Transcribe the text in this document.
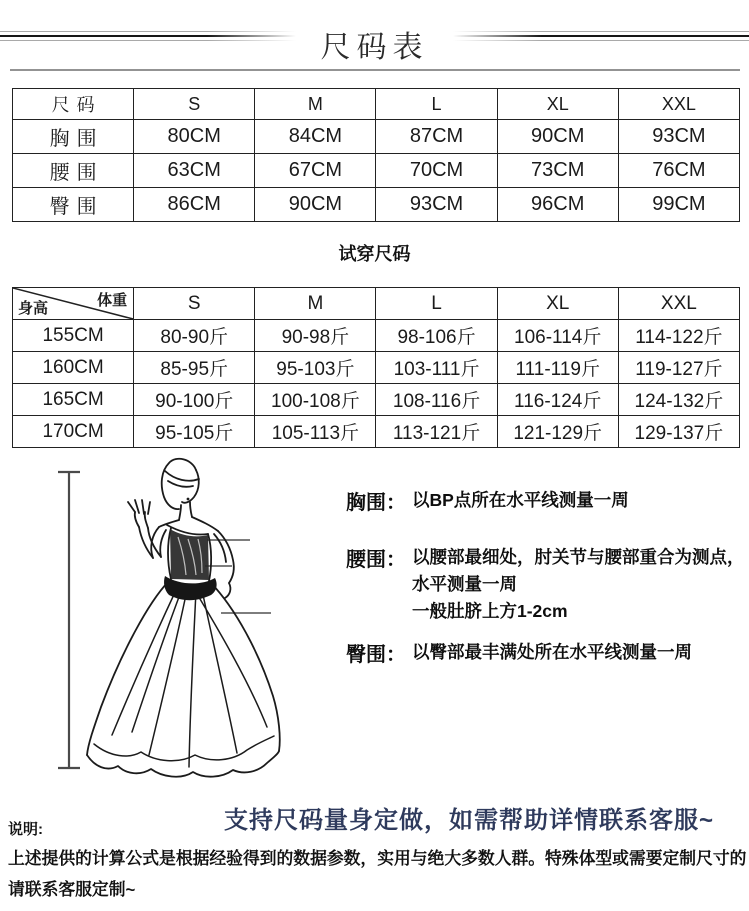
尺码表
尺码	S	M	L	XL	XXL
胸围	80CM	84CM	87CM	90CM	93CM
腰围	63CM	67CM	70CM	73CM	76CM
臀围	86CM	90CM	93CM	96CM	99CM
试穿尺码
体重
身高	S	M	L	XL	XXL
155CM	80-90斤	90-98斤	98-106斤	106-114斤	114-122斤
160CM	85-95斤	95-103斤	103-111斤	111-119斤	119-127斤
165CM	90-100斤	100-108斤	108-116斤	116-124斤	124-132斤
170CM	95-105斤	105-113斤	113-121斤	121-129斤	129-137斤
胸围： 以BP点所在水平线测量一周
腰围： 以腰部最细处，肘关节与腰部重合为测点，水平测量一周
一般肚脐上方1-2cm
臀围： 以臀部最丰满处所在水平线测量一周
支持尺码量身定做，如需帮助详情联系客服~
说明:
上述提供的计算公式是根据经验得到的数据参数，实用与绝大多数人群。特殊体型或需要定制尺寸的请联系客服定制~
